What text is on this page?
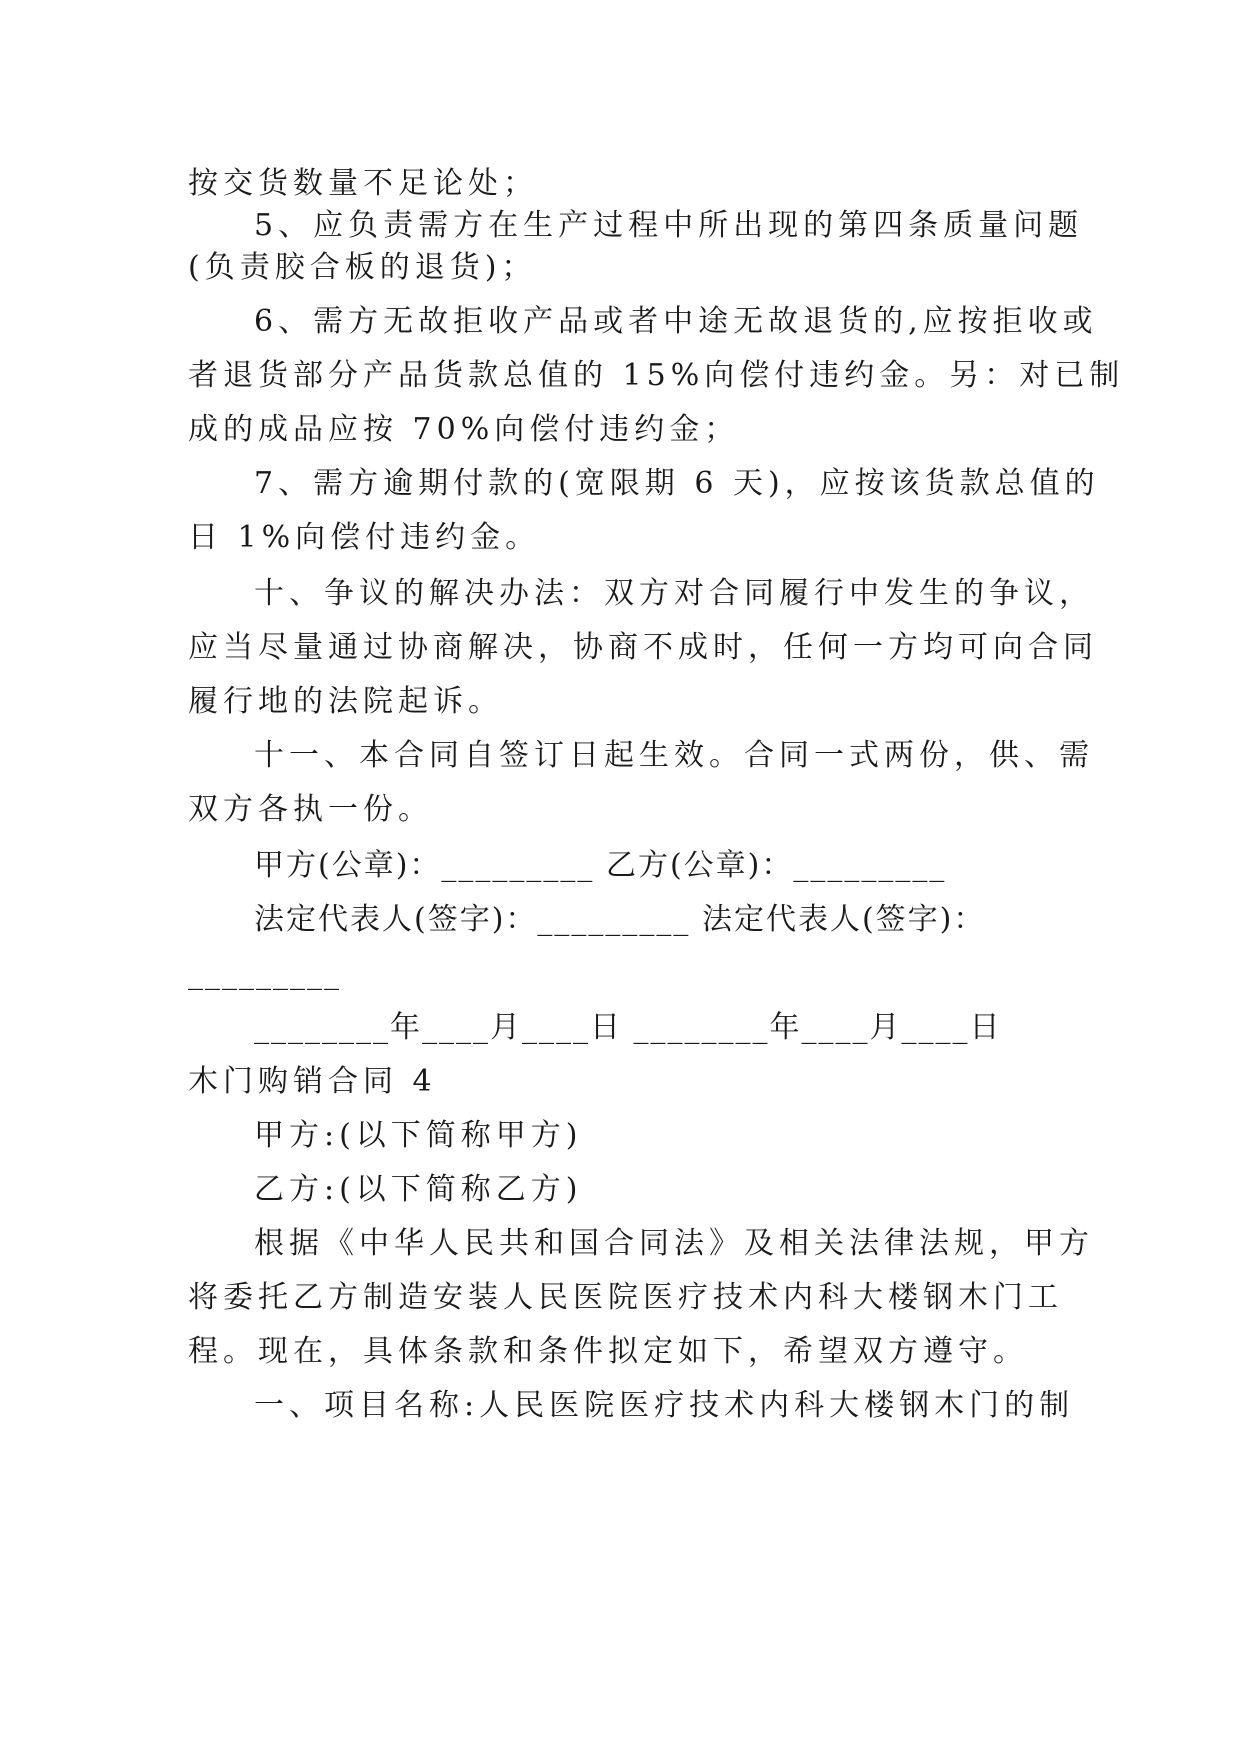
按交货数量不足论处；
5、应负责需方在生产过程中所出现的第四条质量问题
(负责胶合板的退货)；
6、需方无故拒收产品或者中途无故退货的,应按拒收或
者退货部分产品货款总值的 15%向偿付违约金。另：对已制
成的成品应按 70%向偿付违约金；
7、需方逾期付款的(宽限期 6 天)，应按该货款总值的
日 1%向偿付违约金。
十、争议的解决办法：双方对合同履行中发生的争议，
应当尽量通过协商解决，协商不成时，任何一方均可向合同
履行地的法院起诉。
十一、本合同自签订日起生效。合同一式两份，供、需
双方各执一份。
甲方(公章)：_________ 乙方(公章)：_________
法定代表人(签字)：_________ 法定代表人(签字)：
_________
________年____月____日 ________年____月____日
木门购销合同 4
甲方:(以下简称甲方)
乙方:(以下简称乙方)
根据《中华人民共和国合同法》及相关法律法规，甲方
将委托乙方制造安装人民医院医疗技术内科大楼钢木门工
程。现在，具体条款和条件拟定如下，希望双方遵守。
一、项目名称:人民医院医疗技术内科大楼钢木门的制
